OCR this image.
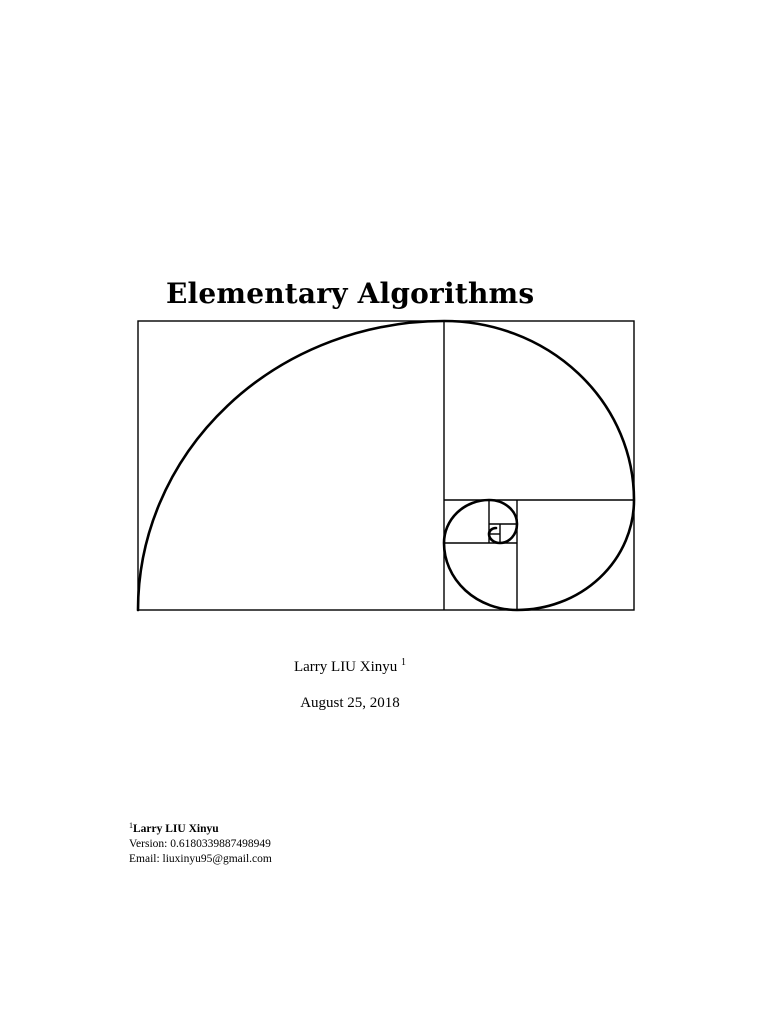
Elementary Algorithms
Larry LIU Xinyu $^1$
August 25, 2018
$^1$Larry LIU Xinyu
Version: 0.6180339887498949
Email: liuxinyu95@gmail.com
